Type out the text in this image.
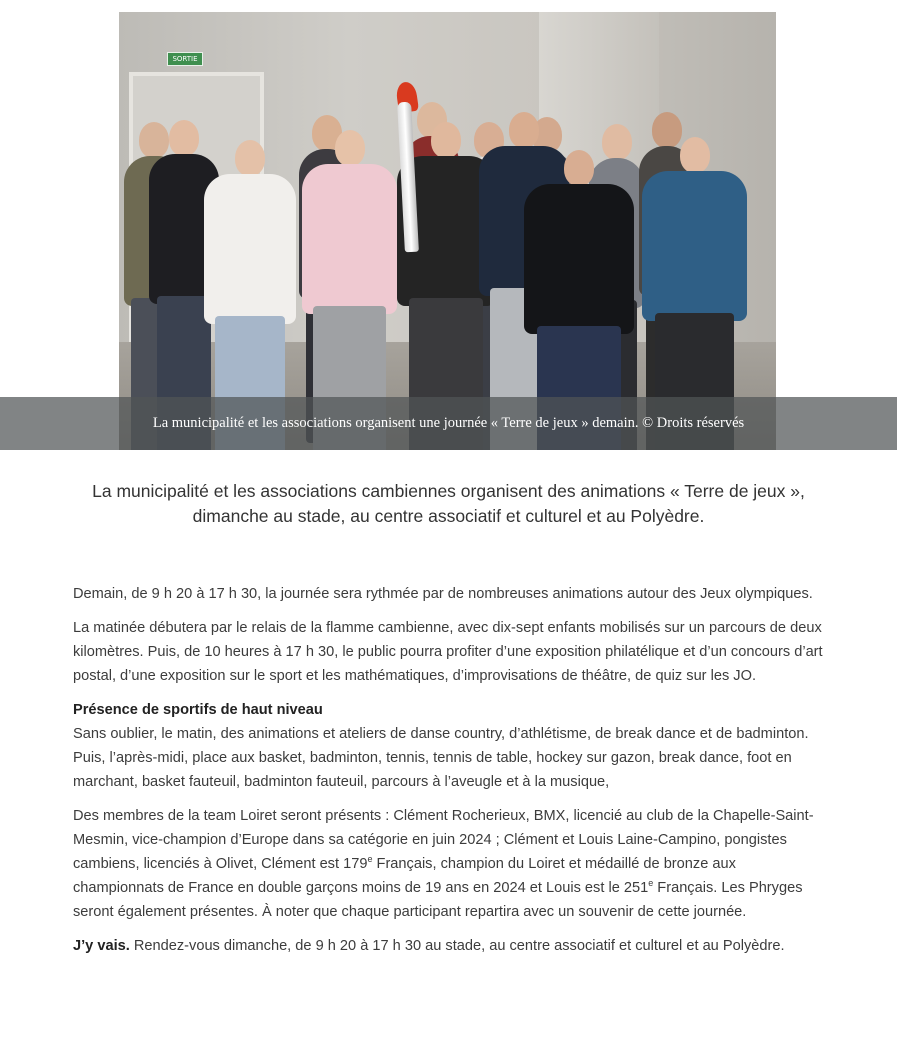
SORTIE
La municipalité et les associations organisent une journée « Terre de jeux » demain. © Droits réservés

La municipalité et les associations cambiennes organisent des animations « Terre de jeux », dimanche au stade, au centre associatif et culturel et au Polyèdre.

Demain, de 9 h 20 à 17 h 30, la journée sera rythmée par de nombreuses animations autour des Jeux olympiques.

La matinée débutera par le relais de la flamme cambienne, avec dix-sept enfants mobilisés sur un parcours de deux kilomètres. Puis, de 10 heures à 17 h 30, le public pourra profiter d’une exposition philatélique et d’un concours d’art postal, d’une exposition sur le sport et les mathématiques, d’improvisations de théâtre, de quiz sur les JO.

Présence de sportifs de haut niveau
Sans oublier, le matin, des animations et ateliers de danse country, d’athlétisme, de break dance et de badminton. Puis, l’après-midi, place aux basket, badminton, tennis, tennis de table, hockey sur gazon, break dance, foot en marchant, basket fauteuil, badminton fauteuil, parcours à l’aveugle et à la musique,

Des membres de la team Loiret seront présents : Clément Rocherieux, BMX, licencié au club de la Chapelle-Saint-Mesmin, vice-champion d’Europe dans sa catégorie en juin 2024 ; Clément et Louis Laine-Campino, pongistes cambiens, licenciés à Olivet, Clément est 179e Français, champion du Loiret et médaillé de bronze aux championnats de France en double garçons moins de 19 ans en 2024 et Louis est le 251e Français. Les Phryges seront également présentes. À noter que chaque participant repartira avec un souvenir de cette journée.

J’y vais. Rendez-vous dimanche, de 9 h 20 à 17 h 30 au stade, au centre associatif et culturel et au Polyèdre.
